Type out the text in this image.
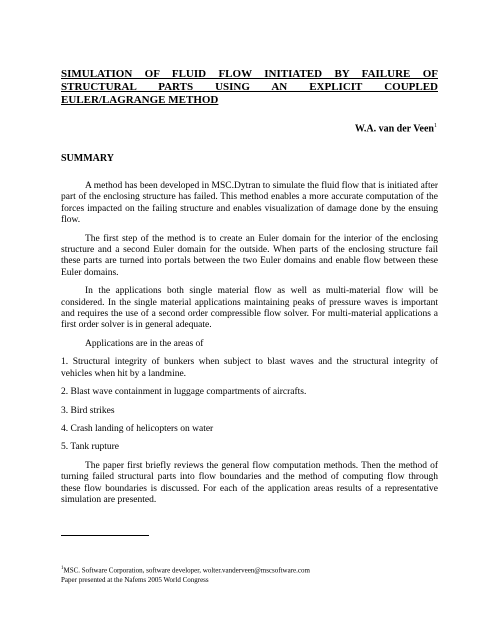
SIMULATION OF FLUID FLOW INITIATED BY FAILURE OF STRUCTURAL PARTS USING AN EXPLICIT COUPLED EULER/LAGRANGE METHOD
W.A. van der Veen$^1$
SUMMARY

A method has been developed in MSC.Dytran to simulate the fluid flow that is initiated after part of the enclosing structure has failed. This method enables a more accurate computation of the forces impacted on the failing structure and enables visualization of damage done by the ensuing flow.

The first step of the method is to create an Euler domain for the interior of the enclosing structure and a second Euler domain for the outside. When parts of the enclosing structure fail these parts are turned into portals between the two Euler domains and enable flow between these Euler domains.

In the applications both single material flow as well as multi-material flow will be considered. In the single material applications maintaining peaks of pressure waves is important and requires the use of a second order compressible flow solver. For multi-material applications a first order solver is in general adequate.

Applications are in the areas of

1. Structural integrity of bunkers when subject to blast waves and the structural integrity of vehicles when hit by a landmine.

2. Blast wave containment in luggage compartments of aircrafts.

3. Bird strikes

4. Crash landing of helicopters on water

5. Tank rupture

The paper first briefly reviews the general flow computation methods. Then the method of turning failed structural parts into flow boundaries and the method of computing flow through these flow boundaries is discussed. For each of the application areas results of a representative simulation are presented.

$^1$MSC. Software Corporation, software developer, wolter.vanderveen@mscsoftware.com
Paper presented at the Nafems 2005 World Congress
